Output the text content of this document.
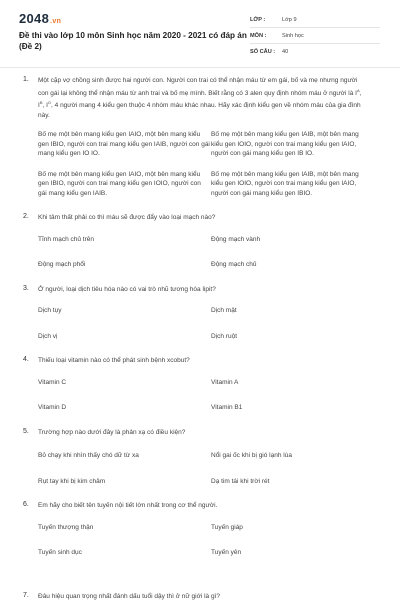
2048.vn
Đề thi vào lớp 10 môn Sinh học năm 2020 - 2021 có đáp án (Đề 2)
LỚP :	Lớp 9
MÔN :	Sinh học
SỐ CÂU :	40
1. Một cặp vợ chồng sinh được hai người con. Người con trai có thể nhận máu từ em gái, bố và mẹ nhưng người con gái lại không thể nhận máu từ anh trai và bố mẹ mình. Biết rằng có 3 alen quy định nhóm máu ở người là $I^A$, $I^B$, $I^O$, 4 người mang 4 kiểu gen thuộc 4 nhóm máu khác nhau. Hãy xác định kiểu gen về nhóm máu của gia đình này.
Bố mẹ một bên mang kiểu gen IAIO, một bên mang kiểu gen IBIO, người con trai mang kiểu gen IAIB, người con gái mang kiểu gen IO IO.
Bố mẹ một bên mang kiểu gen IAIB, một bên mang kiểu gen IOIO, người con trai mang kiểu gen IAIO, người con gái mang kiểu gen IB IO.
Bố mẹ một bên mang kiểu gen IAIO, một bên mang kiểu gen IBIO, người con trai mang kiểu gen IOIO, người con gái mang kiểu gen IAIB.
Bố mẹ một bên mang kiểu gen IAIB, một bên mang kiểu gen IOIO, người con trai mang kiểu gen IAIO, người con gái mang kiểu gen IBIO.
2. Khi tâm thất phải co thì máu sẽ được đẩy vào loại mạch nào?
Tĩnh mạch chủ trên	Động mạch vành
Động mạch phổi	Động mạch chủ
3. Ở người, loại dịch tiêu hóa nào có vai trò nhũ tương hóa lipit?
Dịch tụy	Dịch mật
Dịch vị	Dịch ruột
4. Thiếu loại vitamin nào có thể phát sinh bệnh xcobut?
Vitamin C	Vitamin A
Vitamin D	Vitamin B1
5. Trường hợp nào dưới đây là phản xạ có điều kiện?
Bỏ chạy khi nhìn thấy chó dữ từ xa	Nổi gai ốc khi bị gió lạnh lùa
Rụt tay khi bị kim châm	Dạ tim tái khi trời rét
6. Em hãy cho biết tên tuyến nội tiết lớn nhất trong cơ thể người.
Tuyến thượng thận	Tuyến giáp
Tuyến sinh dục	Tuyến yên
7. Đâu hiệu quan trọng nhất đánh dấu tuổi dậy thì ở nữ giới là gì?
